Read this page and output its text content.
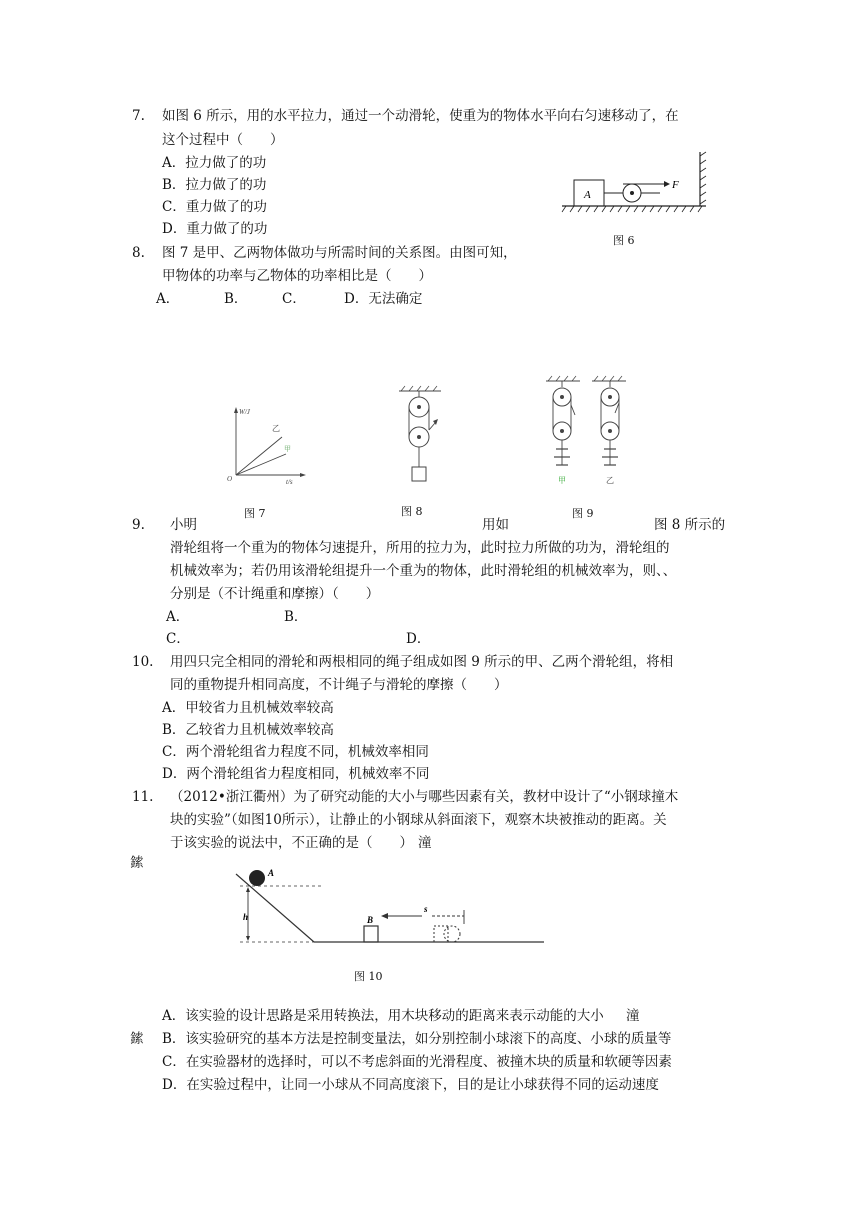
7. 如图 6 所示，用的水平拉力，通过一个动滑轮，使重为的物体水平向右匀速移动了，在
这个过程中（　　）
A．拉力做了的功
B．拉力做了的功
C．重力做了的功
D．重力做了的功
A
F
图 6
8. 图 7 是甲、乙两物体做功与所需时间的关系图。由图可知，
甲物体的功率与乙物体的功率相比是（　　）
A．	B．	C．	D．无法确定
W/J
t/s
O
乙
甲
图 7	图 8
甲	乙
图 9
9. 小明	用如	图 8 所示的
滑轮组将一个重为的物体匀速提升，所用的拉力为，此时拉力所做的功为，滑轮组的
机械效率为；若仍用该滑轮组提升一个重为的物体，此时滑轮组的机械效率为，则、、
分别是（不计绳重和摩擦）（　　）
A．	B．
C．	D．
10. 用四只完全相同的滑轮和两根相同的绳子组成如图 9 所示的甲、乙两个滑轮组，将相
同的重物提升相同高度，不计绳子与滑轮的摩擦（　　）
A．甲较省力且机械效率较高
B．乙较省力且机械效率较高
C．两个滑轮组省力程度不同，机械效率相同
D．两个滑轮组省力程度相同，机械效率不同
11. （2012•浙江衢州）为了研究动能的大小与哪些因素有关，教材中设计了“小钢球撞木
块的实验”（如图10所示），让静止的小钢球从斜面滚下，观察木块被推动的距离。关
于该实验的说法中，不正确的是（　　） 潼
鎍
A
h	B
s
图 10
A．该实验的设计思路是采用转换法，用木块移动的距离来表示动能的大小 潼
鎍 B．该实验研究的基本方法是控制变量法，如分别控制小球滚下的高度、小球的质量等
C．在实验器材的选择时，可以不考虑斜面的光滑程度、被撞木块的质量和软硬等因素
D．在实验过程中，让同一小球从不同高度滚下，目的是让小球获得不同的运动速度
